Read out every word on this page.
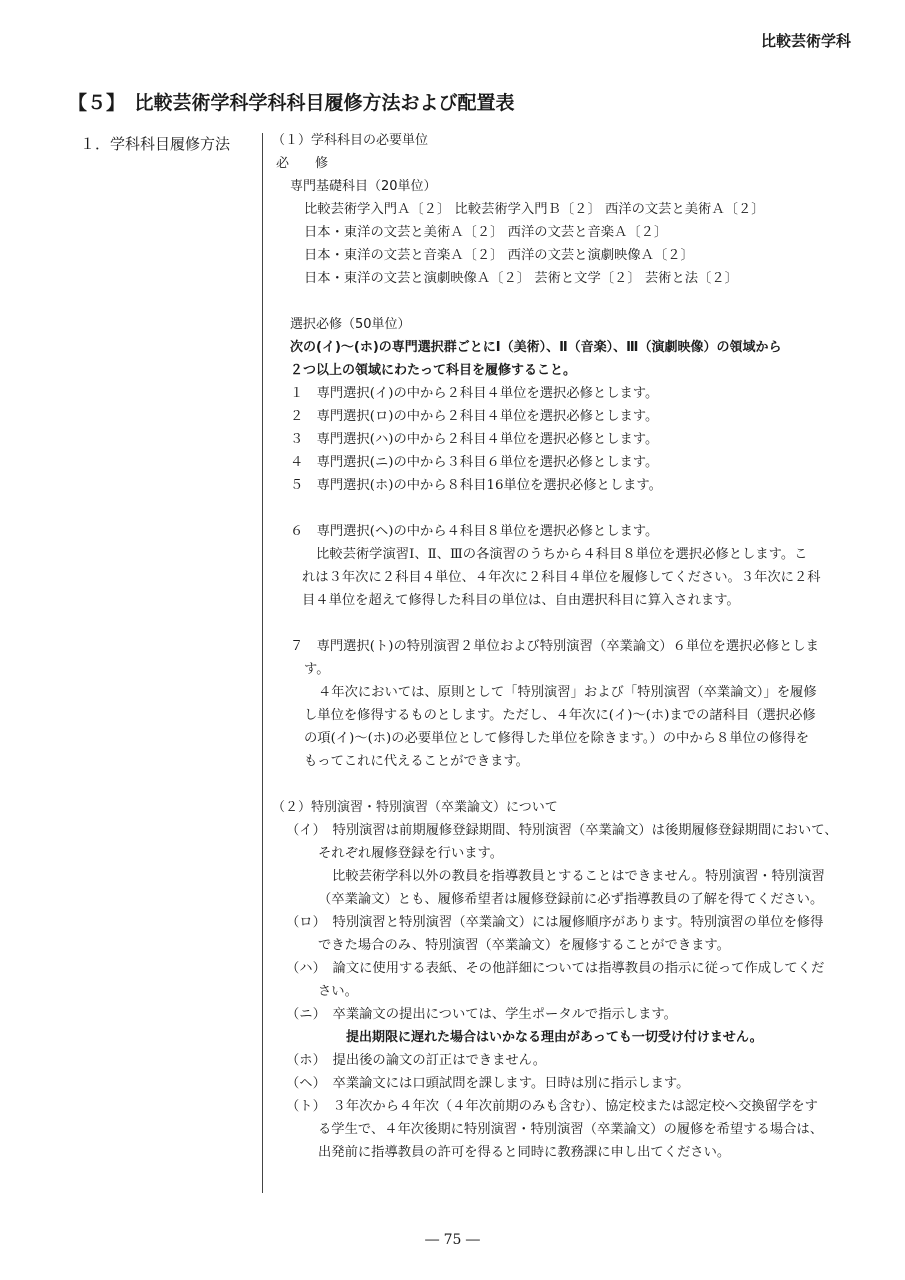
比較芸術学科
【５】　比較芸術学科学科科目履修方法および配置表
１．学科科目履修方法	（１）学科科目の必要単位
必　　修
専門基礎科目（20単位）
比較芸術学入門Ａ〔２〕 比較芸術学入門Ｂ〔２〕 西洋の文芸と美術Ａ〔２〕
日本・東洋の文芸と美術Ａ〔２〕 西洋の文芸と音楽Ａ〔２〕
日本・東洋の文芸と音楽Ａ〔２〕 西洋の文芸と演劇映像Ａ〔２〕
日本・東洋の文芸と演劇映像Ａ〔２〕 芸術と文学〔２〕 芸術と法〔２〕
選択必修（50単位）
次の(イ)～(ホ)の専門選択群ごとにⅠ（美術）、Ⅱ（音楽）、Ⅲ（演劇映像）の領域から
２つ以上の領域にわたって科目を履修すること。
１　専門選択(イ)の中から２科目４単位を選択必修とします。
２　専門選択(ロ)の中から２科目４単位を選択必修とします。
３　専門選択(ハ)の中から２科目４単位を選択必修とします。
４　専門選択(ニ)の中から３科目６単位を選択必修とします。
５　専門選択(ホ)の中から８科目16単位を選択必修とします。
６　専門選択(ヘ)の中から４科目８単位を選択必修とします。
比較芸術学演習Ⅰ、Ⅱ、Ⅲの各演習のうちから４科目８単位を選択必修とします。こ
れは３年次に２科目４単位、４年次に２科目４単位を履修してください。３年次に２科
目４単位を超えて修得した科目の単位は、自由選択科目に算入されます。
７　専門選択(ト)の特別演習２単位および特別演習（卒業論文）６単位を選択必修としま
す。
４年次においては、原則として「特別演習」および「特別演習（卒業論文）」を履修
し単位を修得するものとします。ただし、４年次に(イ)～(ホ)までの諸科目（選択必修
の項(イ)～(ホ)の必要単位として修得した単位を除きます。）の中から８単位の修得を
もってこれに代えることができます。
（２）特別演習・特別演習（卒業論文）について
（イ）　特別演習は前期履修登録期間、特別演習（卒業論文）は後期履修登録期間において、
それぞれ履修登録を行います。
比較芸術学科以外の教員を指導教員とすることはできません。特別演習・特別演習
（卒業論文）とも、履修希望者は履修登録前に必ず指導教員の了解を得てください。
（ロ）　特別演習と特別演習（卒業論文）には履修順序があります。特別演習の単位を修得
できた場合のみ、特別演習（卒業論文）を履修することができます。
（ハ）　論文に使用する表紙、その他詳細については指導教員の指示に従って作成してくだ
さい。
（ニ）　卒業論文の提出については、学生ポータルで指示します。
提出期限に遅れた場合はいかなる理由があっても一切受け付けません。
（ホ）　提出後の論文の訂正はできません。
（ヘ）　卒業論文には口頭試問を課します。日時は別に指示します。
（ト）　３年次から４年次（４年次前期のみも含む）、協定校または認定校へ交換留学をす
る学生で、４年次後期に特別演習・特別演習（卒業論文）の履修を希望する場合は、
出発前に指導教員の許可を得ると同時に教務課に申し出てください。
― 75 ―
